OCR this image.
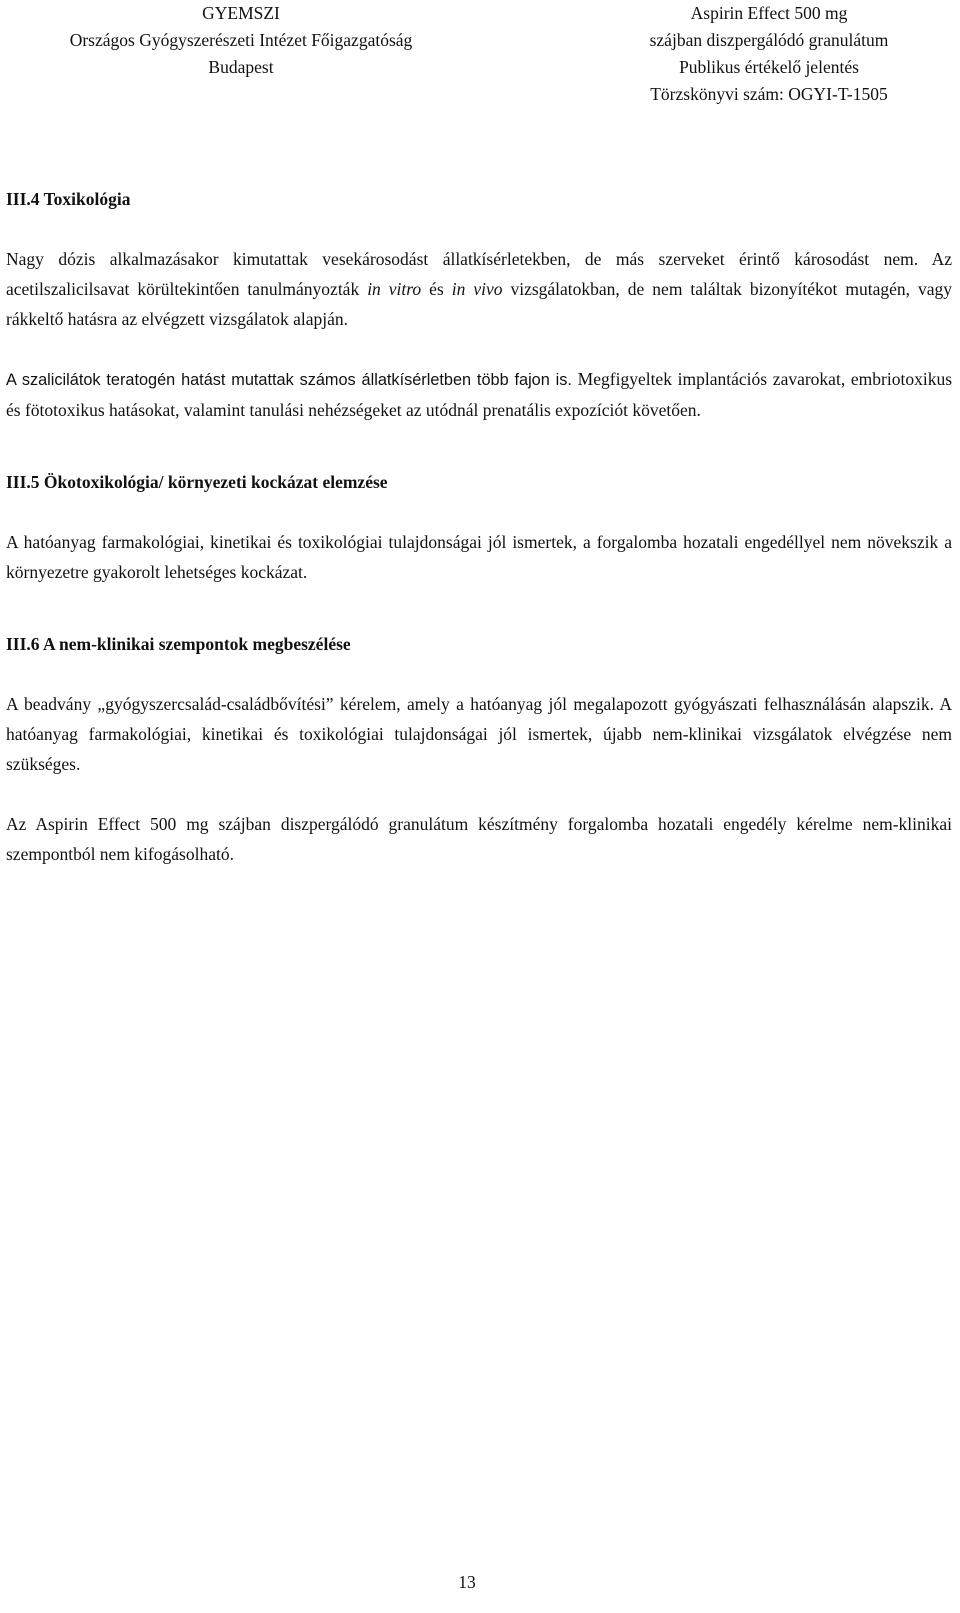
GYEMSZI
Országos Gyógyszerészeti Intézet Főigazgatóság
Budapest
Aspirin Effect 500 mg
szájban diszpergálódó granulátum
Publikus értékelő jelentés
Törzskönyvi szám: OGYI-T-1505
III.4 Toxikológia

Nagy dózis alkalmazásakor kimutattak vesekárosodást állatkísérletekben, de más szerveket érintő károsodást nem. Az acetilszalicilsavat körültekintően tanulmányozták in vitro és in vivo vizsgálatokban, de nem találtak bizonyítékot mutagén, vagy rákkeltő hatásra az elvégzett vizsgálatok alapján.

A szalicilátok teratogén hatást mutattak számos állatkísérletben több fajon is. Megfigyeltek implantációs zavarokat, embriotoxikus és fötotoxikus hatásokat, valamint tanulási nehézségeket az utódnál prenatális expozíciót követően.

III.5 Ökotoxikológia/ környezeti kockázat elemzése

A hatóanyag farmakológiai, kinetikai és toxikológiai tulajdonságai jól ismertek, a forgalomba hozatali engedéllyel nem növekszik a környezetre gyakorolt lehetséges kockázat.

III.6 A nem-klinikai szempontok megbeszélése

A beadvány „gyógyszercsalád-családbővítési” kérelem, amely a hatóanyag jól megalapozott gyógyászati felhasználásán alapszik. A hatóanyag farmakológiai, kinetikai és toxikológiai tulajdonságai jól ismertek, újabb nem-klinikai vizsgálatok elvégzése nem szükséges.

Az Aspirin Effect 500 mg szájban diszpergálódó granulátum készítmény forgalomba hozatali engedély kérelme nem-klinikai szempontból nem kifogásolható.

13
